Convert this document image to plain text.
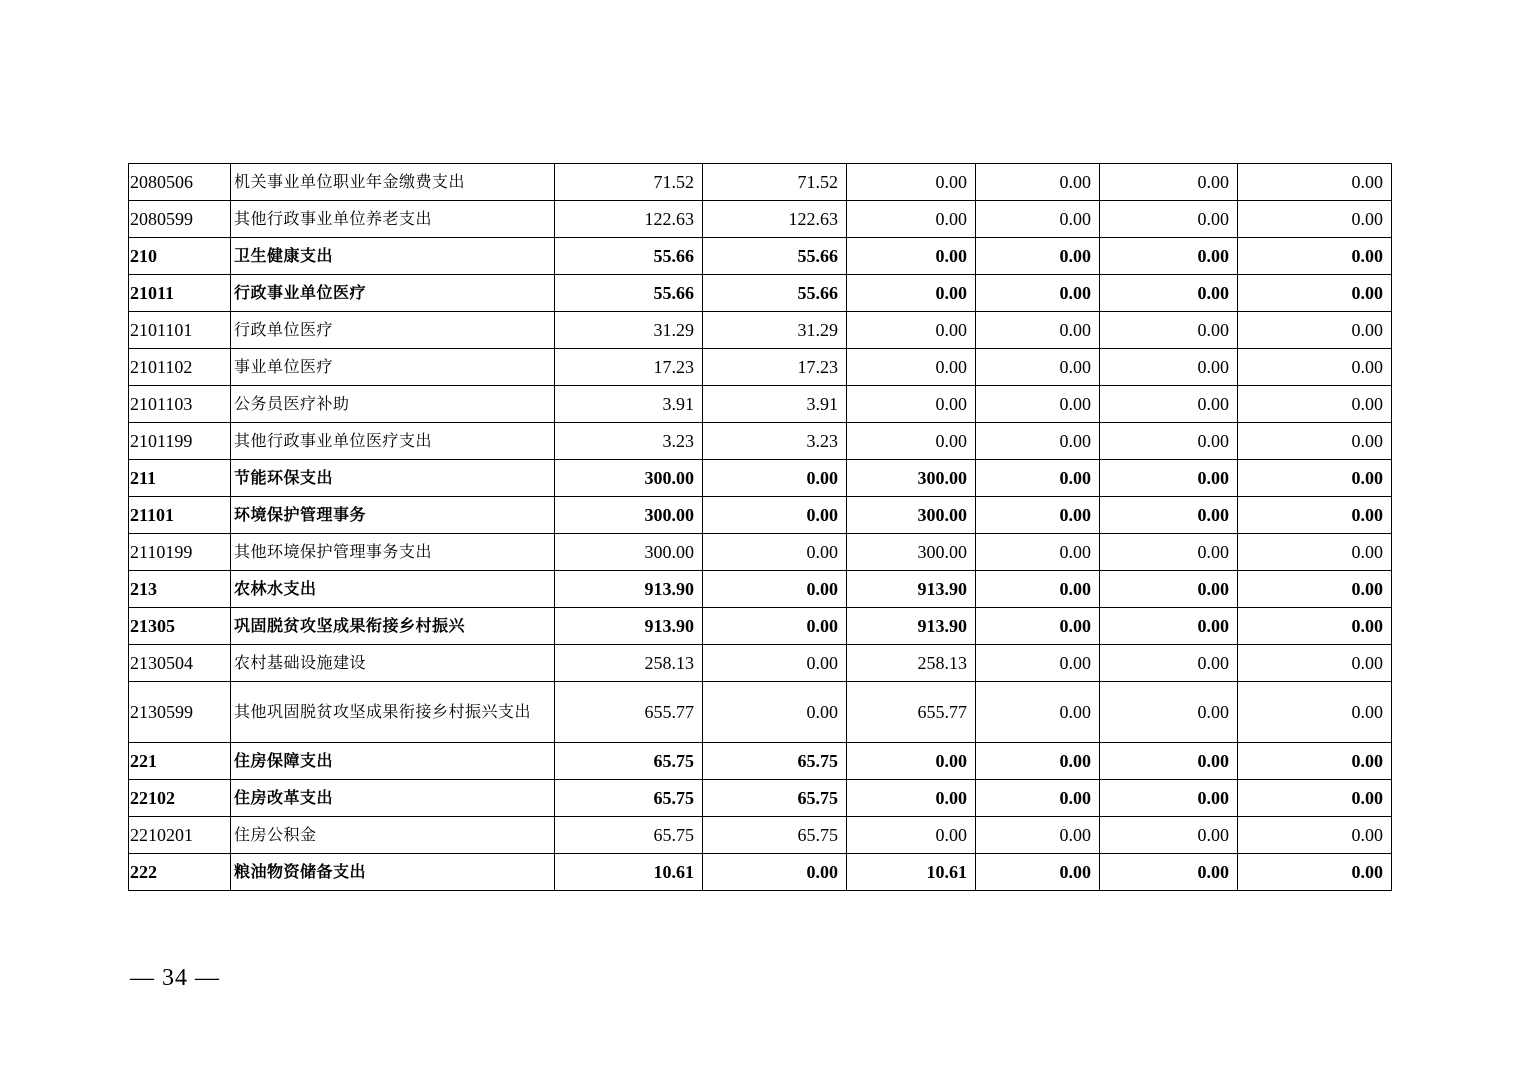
2080506	机关事业单位职业年金缴费支出	71.52	71.52	0.00	0.00	0.00	0.00
2080599	其他行政事业单位养老支出	122.63	122.63	0.00	0.00	0.00	0.00
210	卫生健康支出	55.66	55.66	0.00	0.00	0.00	0.00
21011	行政事业单位医疗	55.66	55.66	0.00	0.00	0.00	0.00
2101101	行政单位医疗	31.29	31.29	0.00	0.00	0.00	0.00
2101102	事业单位医疗	17.23	17.23	0.00	0.00	0.00	0.00
2101103	公务员医疗补助	3.91	3.91	0.00	0.00	0.00	0.00
2101199	其他行政事业单位医疗支出	3.23	3.23	0.00	0.00	0.00	0.00
211	节能环保支出	300.00	0.00	300.00	0.00	0.00	0.00
21101	环境保护管理事务	300.00	0.00	300.00	0.00	0.00	0.00
2110199	其他环境保护管理事务支出	300.00	0.00	300.00	0.00	0.00	0.00
213	农林水支出	913.90	0.00	913.90	0.00	0.00	0.00
21305	巩固脱贫攻坚成果衔接乡村振兴	913.90	0.00	913.90	0.00	0.00	0.00
2130504	农村基础设施建设	258.13	0.00	258.13	0.00	0.00	0.00
2130599	其他巩固脱贫攻坚成果衔接乡村振兴支出	655.77	0.00	655.77	0.00	0.00	0.00
221	住房保障支出	65.75	65.75	0.00	0.00	0.00	0.00
22102	住房改革支出	65.75	65.75	0.00	0.00	0.00	0.00
2210201	住房公积金	65.75	65.75	0.00	0.00	0.00	0.00
222	粮油物资储备支出	10.61	0.00	10.61	0.00	0.00	0.00
— 34 —
